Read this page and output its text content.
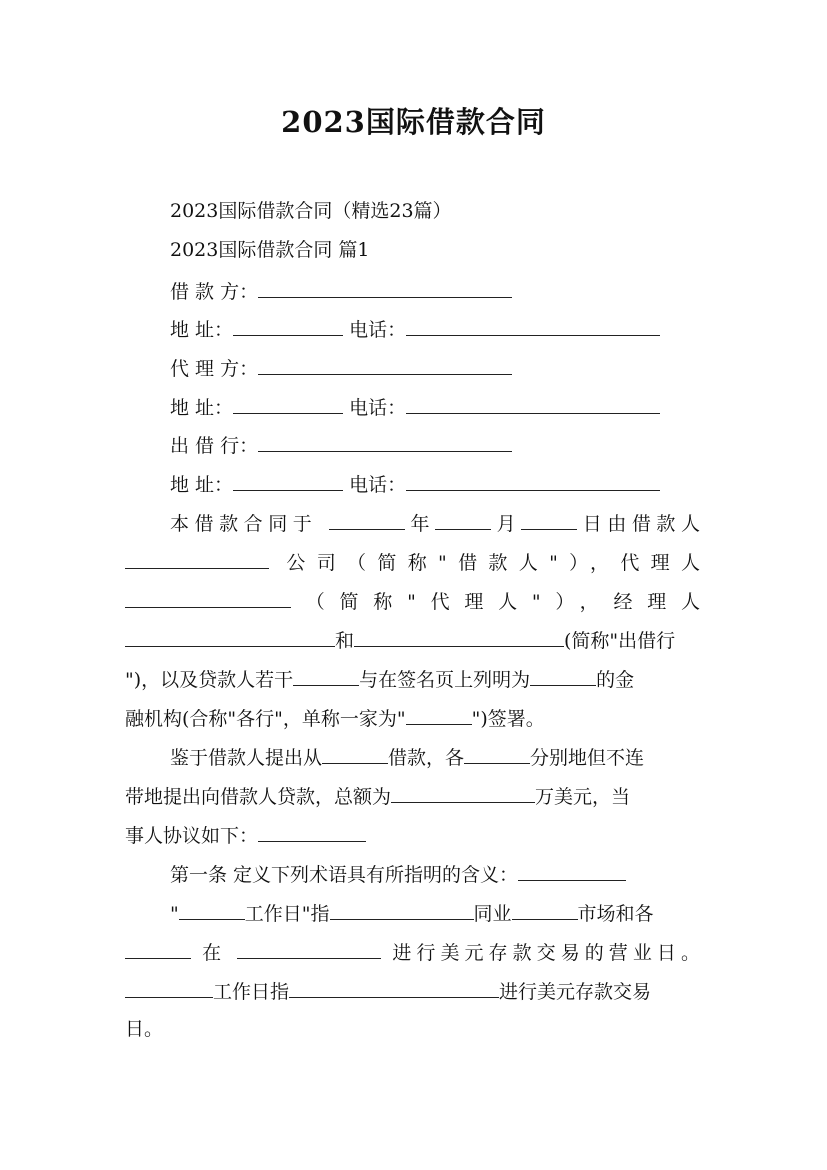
2023国际借款合同
2023国际借款合同（精选23篇）
2023国际借款合同 篇1
借 款 方：
地 址：	电话：
代 理 方：
地 址：	电话：
出 借 行：
地 址：	电话：
本借款合同于	年	月	日由借款人
公司（简称"借款人"），代理人
（简称"代理人"），经理人
和	(简称"出借行
")，以及贷款人若干	与在签名页上列明为	的金
融机构(合称"各行"，单称一家为"	")签署。
鉴于借款人提出从	借款，各	分别地但不连
带地提出向借款人贷款，总额为	万美元，当
事人协议如下：
第一条 定义下列术语具有所指明的含义：
"	工作日"指	同业	市场和各
在	进行美元存款交易的营业日。
工作日指	进行美元存款交易
日。
